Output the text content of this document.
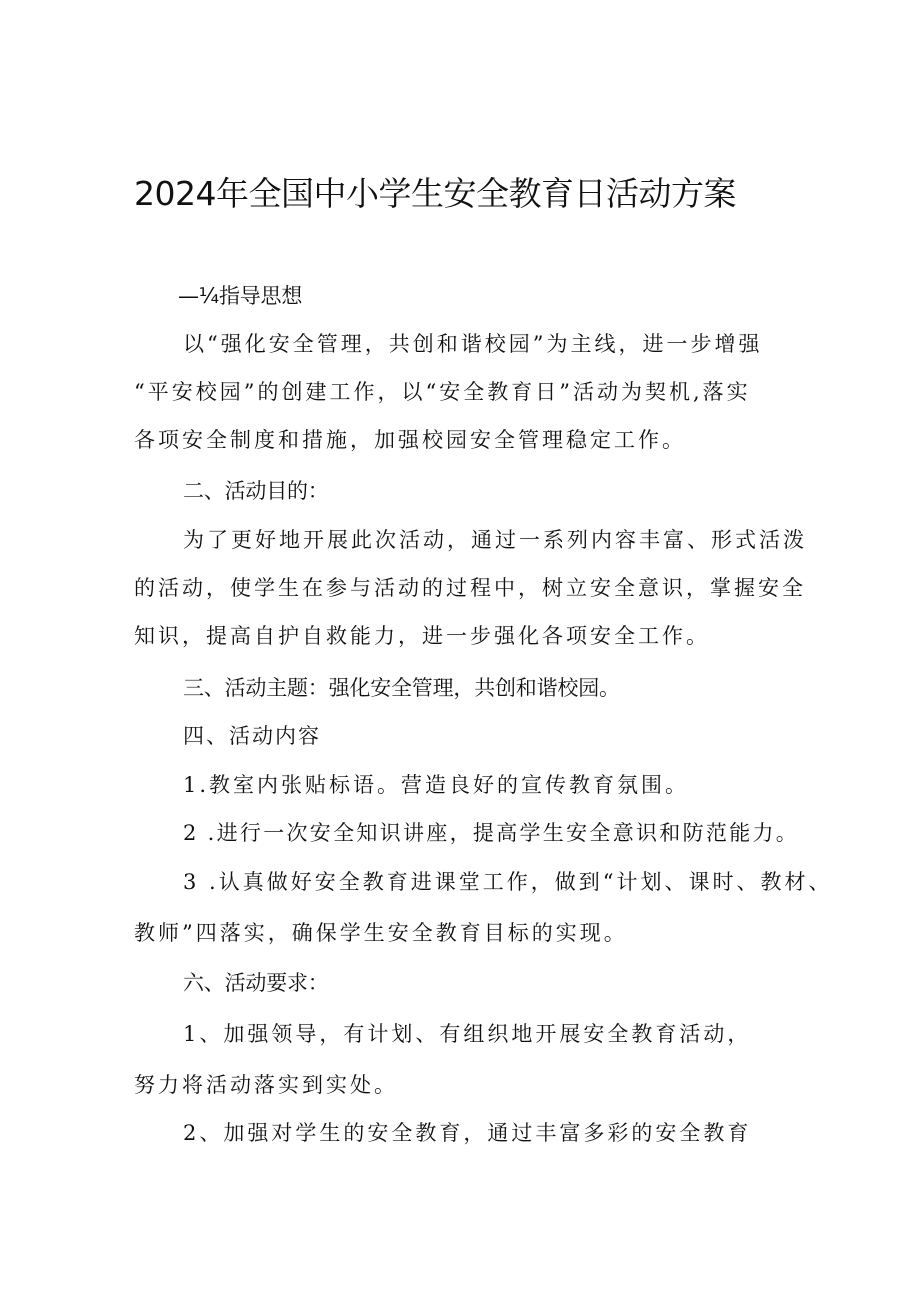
2024年全国中小学生安全教育日活动方案
—¼指导思想
以“强化安全管理，共创和谐校园”为主线，进一步增强
“平安校园”的创建工作，以“安全教育日”活动为契机,落实
各项安全制度和措施，加强校园安全管理稳定工作。
二、活动目的：
为了更好地开展此次活动，通过一系列内容丰富、形式活泼
的活动，使学生在参与活动的过程中，树立安全意识，掌握安全
知识，提高自护自救能力，进一步强化各项安全工作。
三、活动主题：强化安全管理，共创和谐校园。
四、活动内容
1.教室内张贴标语。营造良好的宣传教育氛围。
2 .进行一次安全知识讲座，提高学生安全意识和防范能力。
3 .认真做好安全教育进课堂工作，做到“计划、课时、教材、
教师”四落实，确保学生安全教育目标的实现。
六、活动要求：
1、加强领导，有计划、有组织地开展安全教育活动，
努力将活动落实到实处。
2、加强对学生的安全教育，通过丰富多彩的安全教育
